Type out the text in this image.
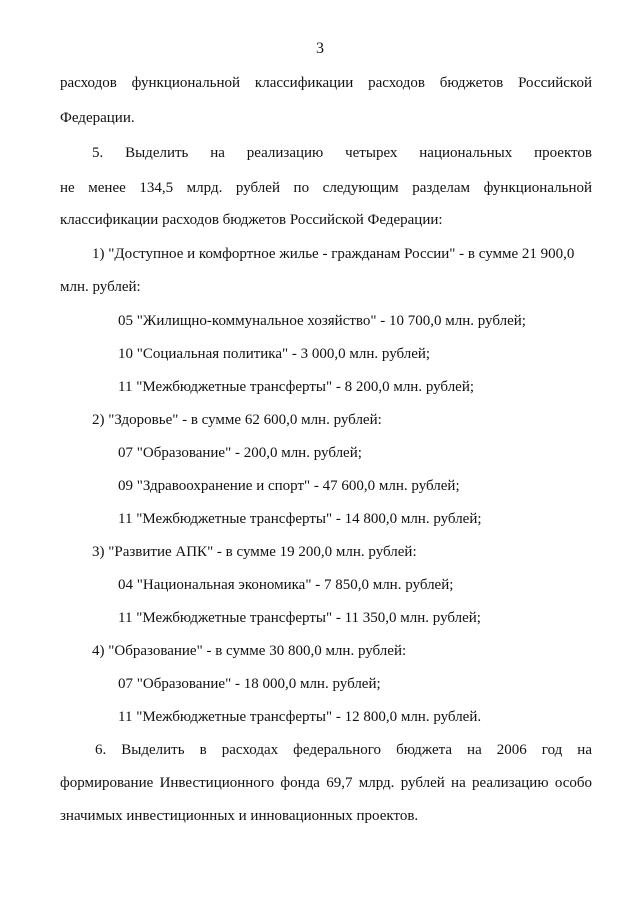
3
расходов функциональной классификации расходов бюджетов Российской
Федерации.
5. Выделить на реализацию четырех национальных проектов
не менее 134,5 млрд. рублей по следующим разделам функциональной
классификации расходов бюджетов Российской Федерации:
1) "Доступное и комфортное жилье - гражданам России" - в сумме 21 900,0
млн. рублей:
05 "Жилищно-коммунальное хозяйство" - 10 700,0 млн. рублей;
10 "Социальная политика" - 3 000,0 млн. рублей;
11 "Межбюджетные трансферты" - 8 200,0 млн. рублей;
2) "Здоровье" - в сумме 62 600,0 млн. рублей:
07 "Образование" - 200,0 млн. рублей;
09 "Здравоохранение и спорт" - 47 600,0 млн. рублей;
11 "Межбюджетные трансферты" - 14 800,0 млн. рублей;
3) "Развитие АПК" - в сумме 19 200,0 млн. рублей:
04 "Национальная экономика" - 7 850,0 млн. рублей;
11 "Межбюджетные трансферты" - 11 350,0 млн. рублей;
4) "Образование" - в сумме 30 800,0 млн. рублей:
07 "Образование" - 18 000,0 млн. рублей;
11 "Межбюджетные трансферты" - 12 800,0 млн. рублей.
6. Выделить в расходах федерального бюджета на 2006 год на
формирование Инвестиционного фонда 69,7 млрд. рублей на реализацию особо
значимых инвестиционных и инновационных проектов.
